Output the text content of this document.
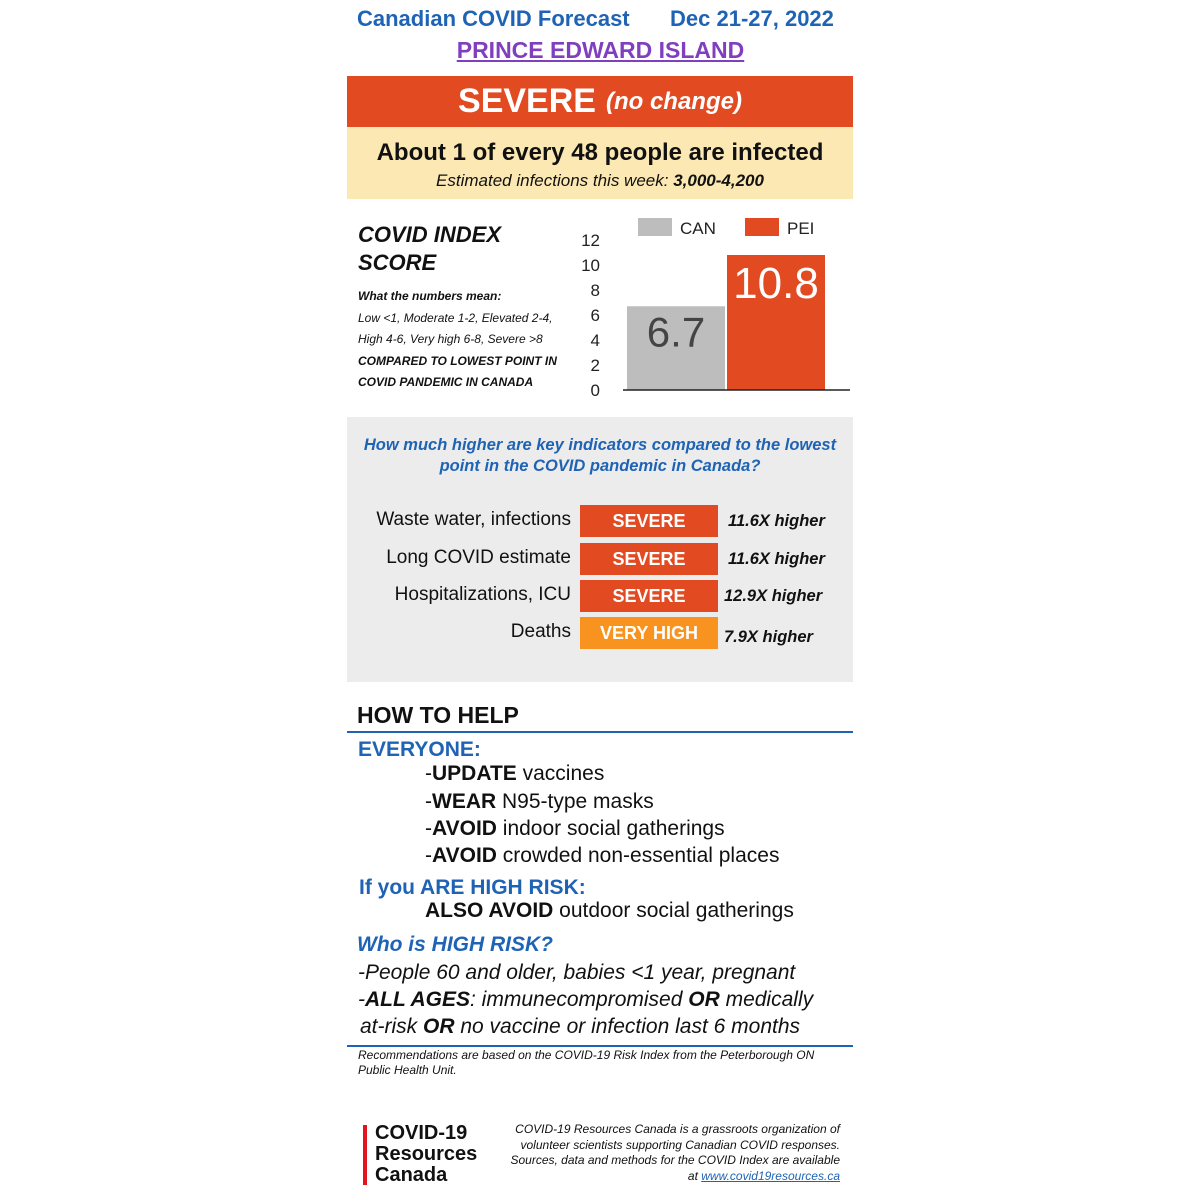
Canadian COVID Forecast Dec 21-27, 2022
PRINCE EDWARD ISLAND
SEVERE (no change)
About 1 of every 48 people are infected
Estimated infections this week: 3,000-4,200
COVID INDEX
SCORE
What the numbers mean:
Low <1, Moderate 1-2, Elevated 2-4,
High 4-6, Very high 6-8, Severe >8
COMPARED TO LOWEST POINT IN
COVID PANDEMIC IN CANADA	0
2
4
6
8
10
12
6.7
10.8
CAN	PEI
How much higher are key indicators compared to the lowest point in the COVID pandemic in Canada?
Waste water, infections	SEVERE	11.6X higher
Long COVID estimate	SEVERE	11.6X higher
Hospitalizations, ICU	SEVERE	12.9X higher
Deaths	VERY HIGH	7.9X higher
HOW TO HELP
EVERYONE:
-UPDATE vaccines
-WEAR N95-type masks
-AVOID indoor social gatherings
-AVOID crowded non-essential places
If you ARE HIGH RISK:
ALSO AVOID outdoor social gatherings
Who is HIGH RISK?
-People 60 and older, babies <1 year, pregnant
-ALL AGES: immunecompromised OR medically
at-risk OR no vaccine or infection last 6 months
Recommendations are based on the COVID-19 Risk Index from the Peterborough ON Public Health Unit.
COVID-19
Resources
Canada
COVID-19 Resources Canada is a grassroots organization of volunteer scientists supporting Canadian COVID responses. Sources, data and methods for the COVID Index are available at www.covid19resources.ca
